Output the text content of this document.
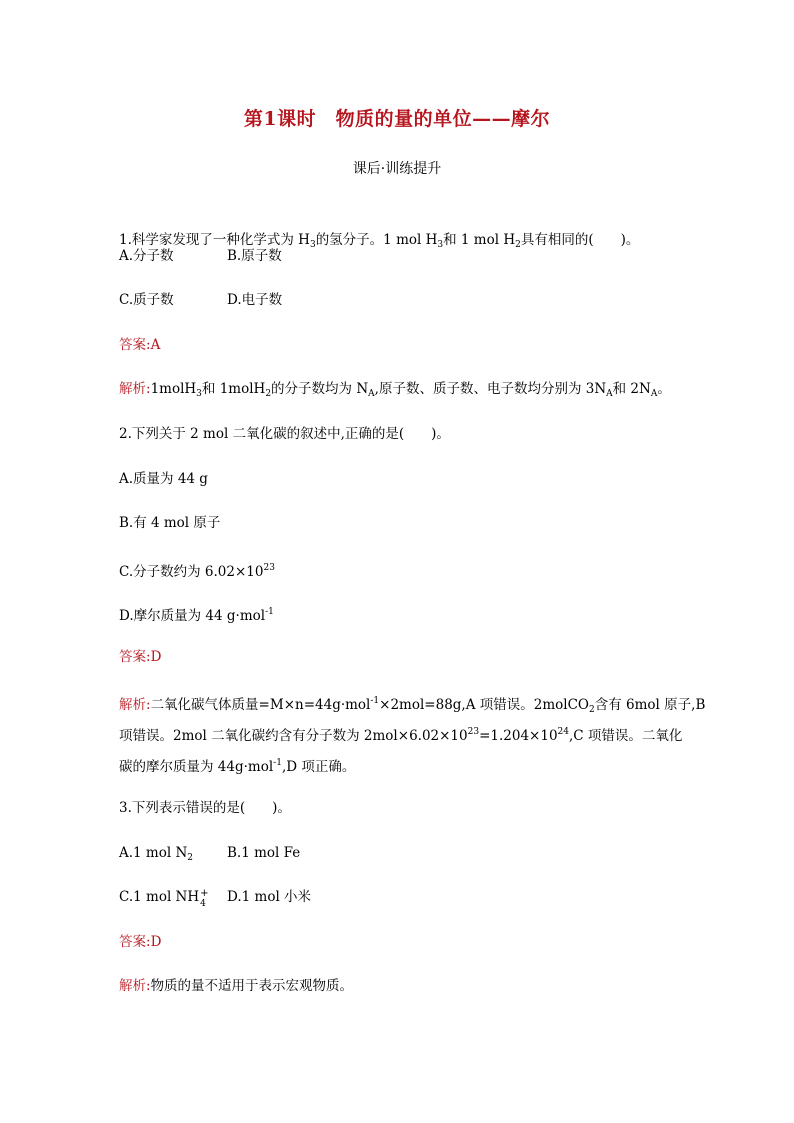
第1课时　物质的量的单位——摩尔
课后·训练提升
1.科学家发现了一种化学式为 $H_3$的氢分子。1 mol $H_3$和 1 mol $H_2$具有相同的(　　)。
A.分子数	B.原子数
C.质子数	D.电子数
答案:A
解析:1molH$_3$和 1molH$_2$的分子数均为 $N_A$,原子数、质子数、电子数均分别为 $3N_A$和 $2N_A$。
2.下列关于 2 mol 二氧化碳的叙述中,正确的是(　　)。
A.质量为 44 g
B.有 4 mol 原子
C.分子数约为 $6.02\times 10^{23}$
D.摩尔质量为 44 g·mol$^{-1}$
答案:D
解析:二氧化碳气体质量=M×n=44g·mol$^{-1}$×2mol=88g,A 项错误。2molCO$_2$含有 6mol 原子,B
项错误。2mol 二氧化碳约含有分子数为 $2mol\times 6.02\times 10^{23}=1.204\times 10^{24},C$ 项错误。二氧化
碳的摩尔质量为 44g·mol$^{-1}$,D 项正确。
3.下列表示错误的是(　　)。
A.1 mol $N_2$	B.1 mol Fe
C.1 mol NH +
4 D.1 mol 小米
答案:D
解析:物质的量不适用于表示宏观物质。
